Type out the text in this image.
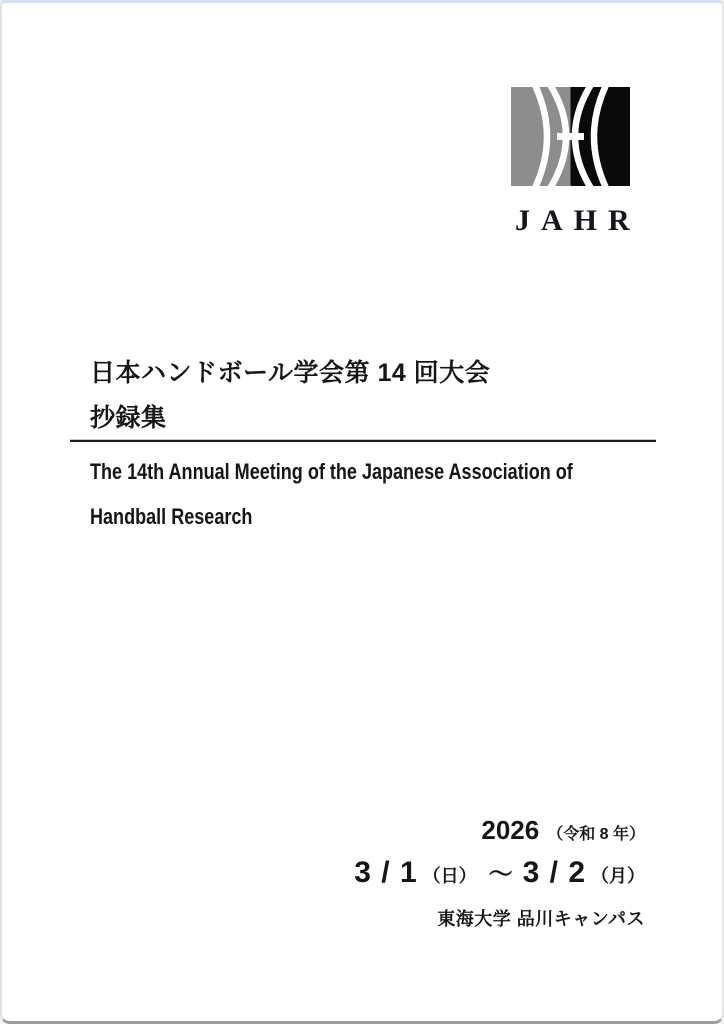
JAHR
日本ハンドボール学会第 14 回大会
抄録集
The 14th Annual Meeting of the Japanese Association of
Handball Research
2026 （令和 8 年）
3 / 1 （日） ～ 3 / 2 （月）
東海大学 品川キャンパス
